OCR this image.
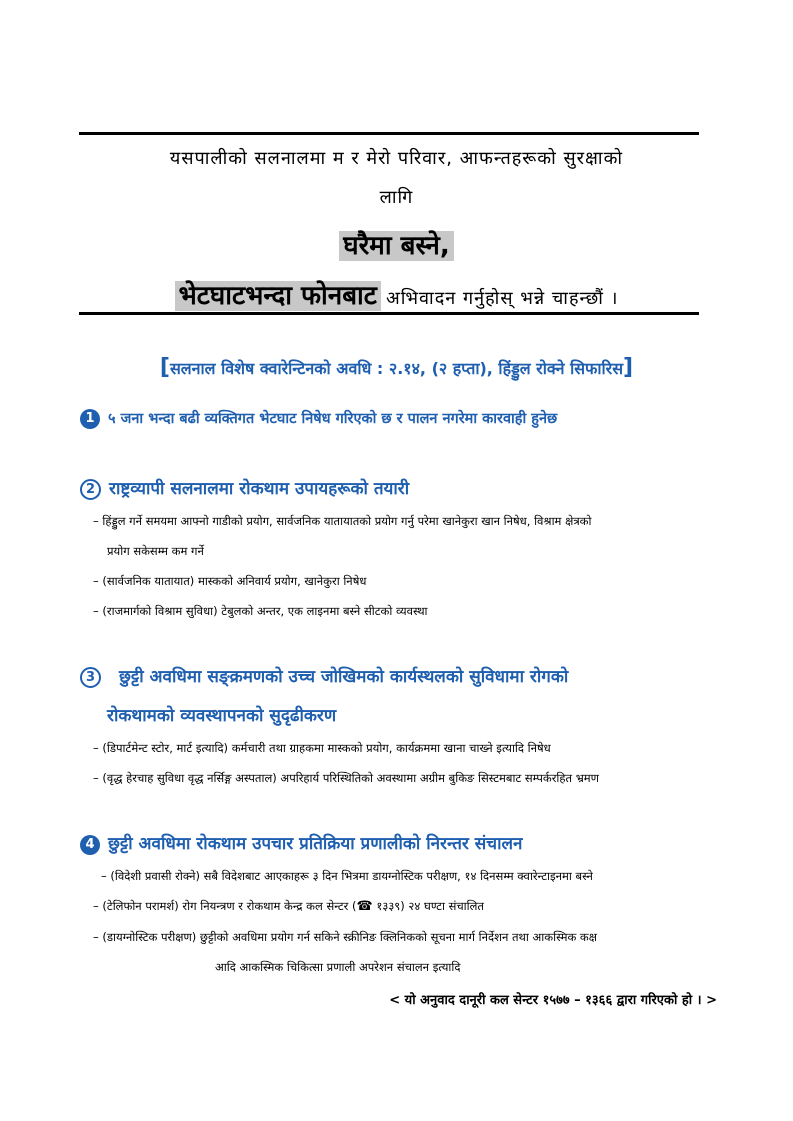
यसपालीको सलनालमा म र मेरो परिवार, आफन्तहरूको सुरक्षाको
लागि
घरैमा बस्ने,
भेटघाटभन्दा फोनबाट अभिवादन गर्नुहोस् भन्ने चाहन्छौं ।
[सलनाल विशेष क्वारेन्टिनको अवधि : २.१४, (२ हप्ता), हिंड्डुल रोक्ने सिफारिस]
1 ५ जना भन्दा बढी व्यक्तिगत भेटघाट निषेध गरिएको छ र पालन नगरेमा कारवाही हुनेछ
2 राष्ट्रव्यापी सलनालमा रोकथाम उपायहरूको तयारी
– हिंड्डुल गर्ने समयमा आफ्नो गाडीको प्रयोग, सार्वजनिक यातायातको प्रयोग गर्नु परेमा खानेकुरा खान निषेध, विश्राम क्षेत्रको
प्रयोग सकेसम्म कम गर्ने
– (सार्वजनिक यातायात) मास्कको अनिवार्य प्रयोग, खानेकुरा निषेध
– (राजमार्गको विश्राम सुविधा) टेबुलको अन्तर, एक लाइनमा बस्ने सीटको व्यवस्था
3 छुट्टी अवधिमा सङ्क्रमणको उच्च जोखिमको कार्यस्थलको सुविधामा रोगको
रोकथामको व्यवस्थापनको सुदृढीकरण
– (डिपार्टमेन्ट स्टोर, मार्ट इत्यादि) कर्मचारी तथा ग्राहकमा मास्कको प्रयोग, कार्यक्रममा खाना चाख्ने इत्यादि निषेध
– (वृद्ध हेरचाह सुविधा वृद्ध नर्सिङ्ग अस्पताल) अपरिहार्य परिस्थितिको अवस्थामा अग्रीम बुकिङ सिस्टमबाट सम्पर्करहित भ्रमण
4 छुट्टी अवधिमा रोकथाम उपचार प्रतिक्रिया प्रणालीको निरन्तर संचालन
– (विदेशी प्रवासी रोक्ने) सबै विदेशबाट आएकाहरू ३ दिन भित्रमा डायग्नोस्टिक परीक्षण, १४ दिनसम्म क्वारेन्टाइनमा बस्ने
– (टेलिफोन परामर्श) रोग नियन्त्रण र रोकथाम केन्द्र कल सेन्टर (☎ १३३९) २४ घण्टा संचालित
– (डायग्नोस्टिक परीक्षण) छुट्टीको अवधिमा प्रयोग गर्न सकिने स्क्रीनिङ क्लिनिकको सूचना मार्ग निर्देशन तथा आकस्मिक कक्ष
आदि आकस्मिक चिकित्सा प्रणाली अपरेशन संचालन इत्यादि
< यो अनुवाद दानूरी कल सेन्टर १५७७ – १३६६ द्वारा गरिएको हो । >
